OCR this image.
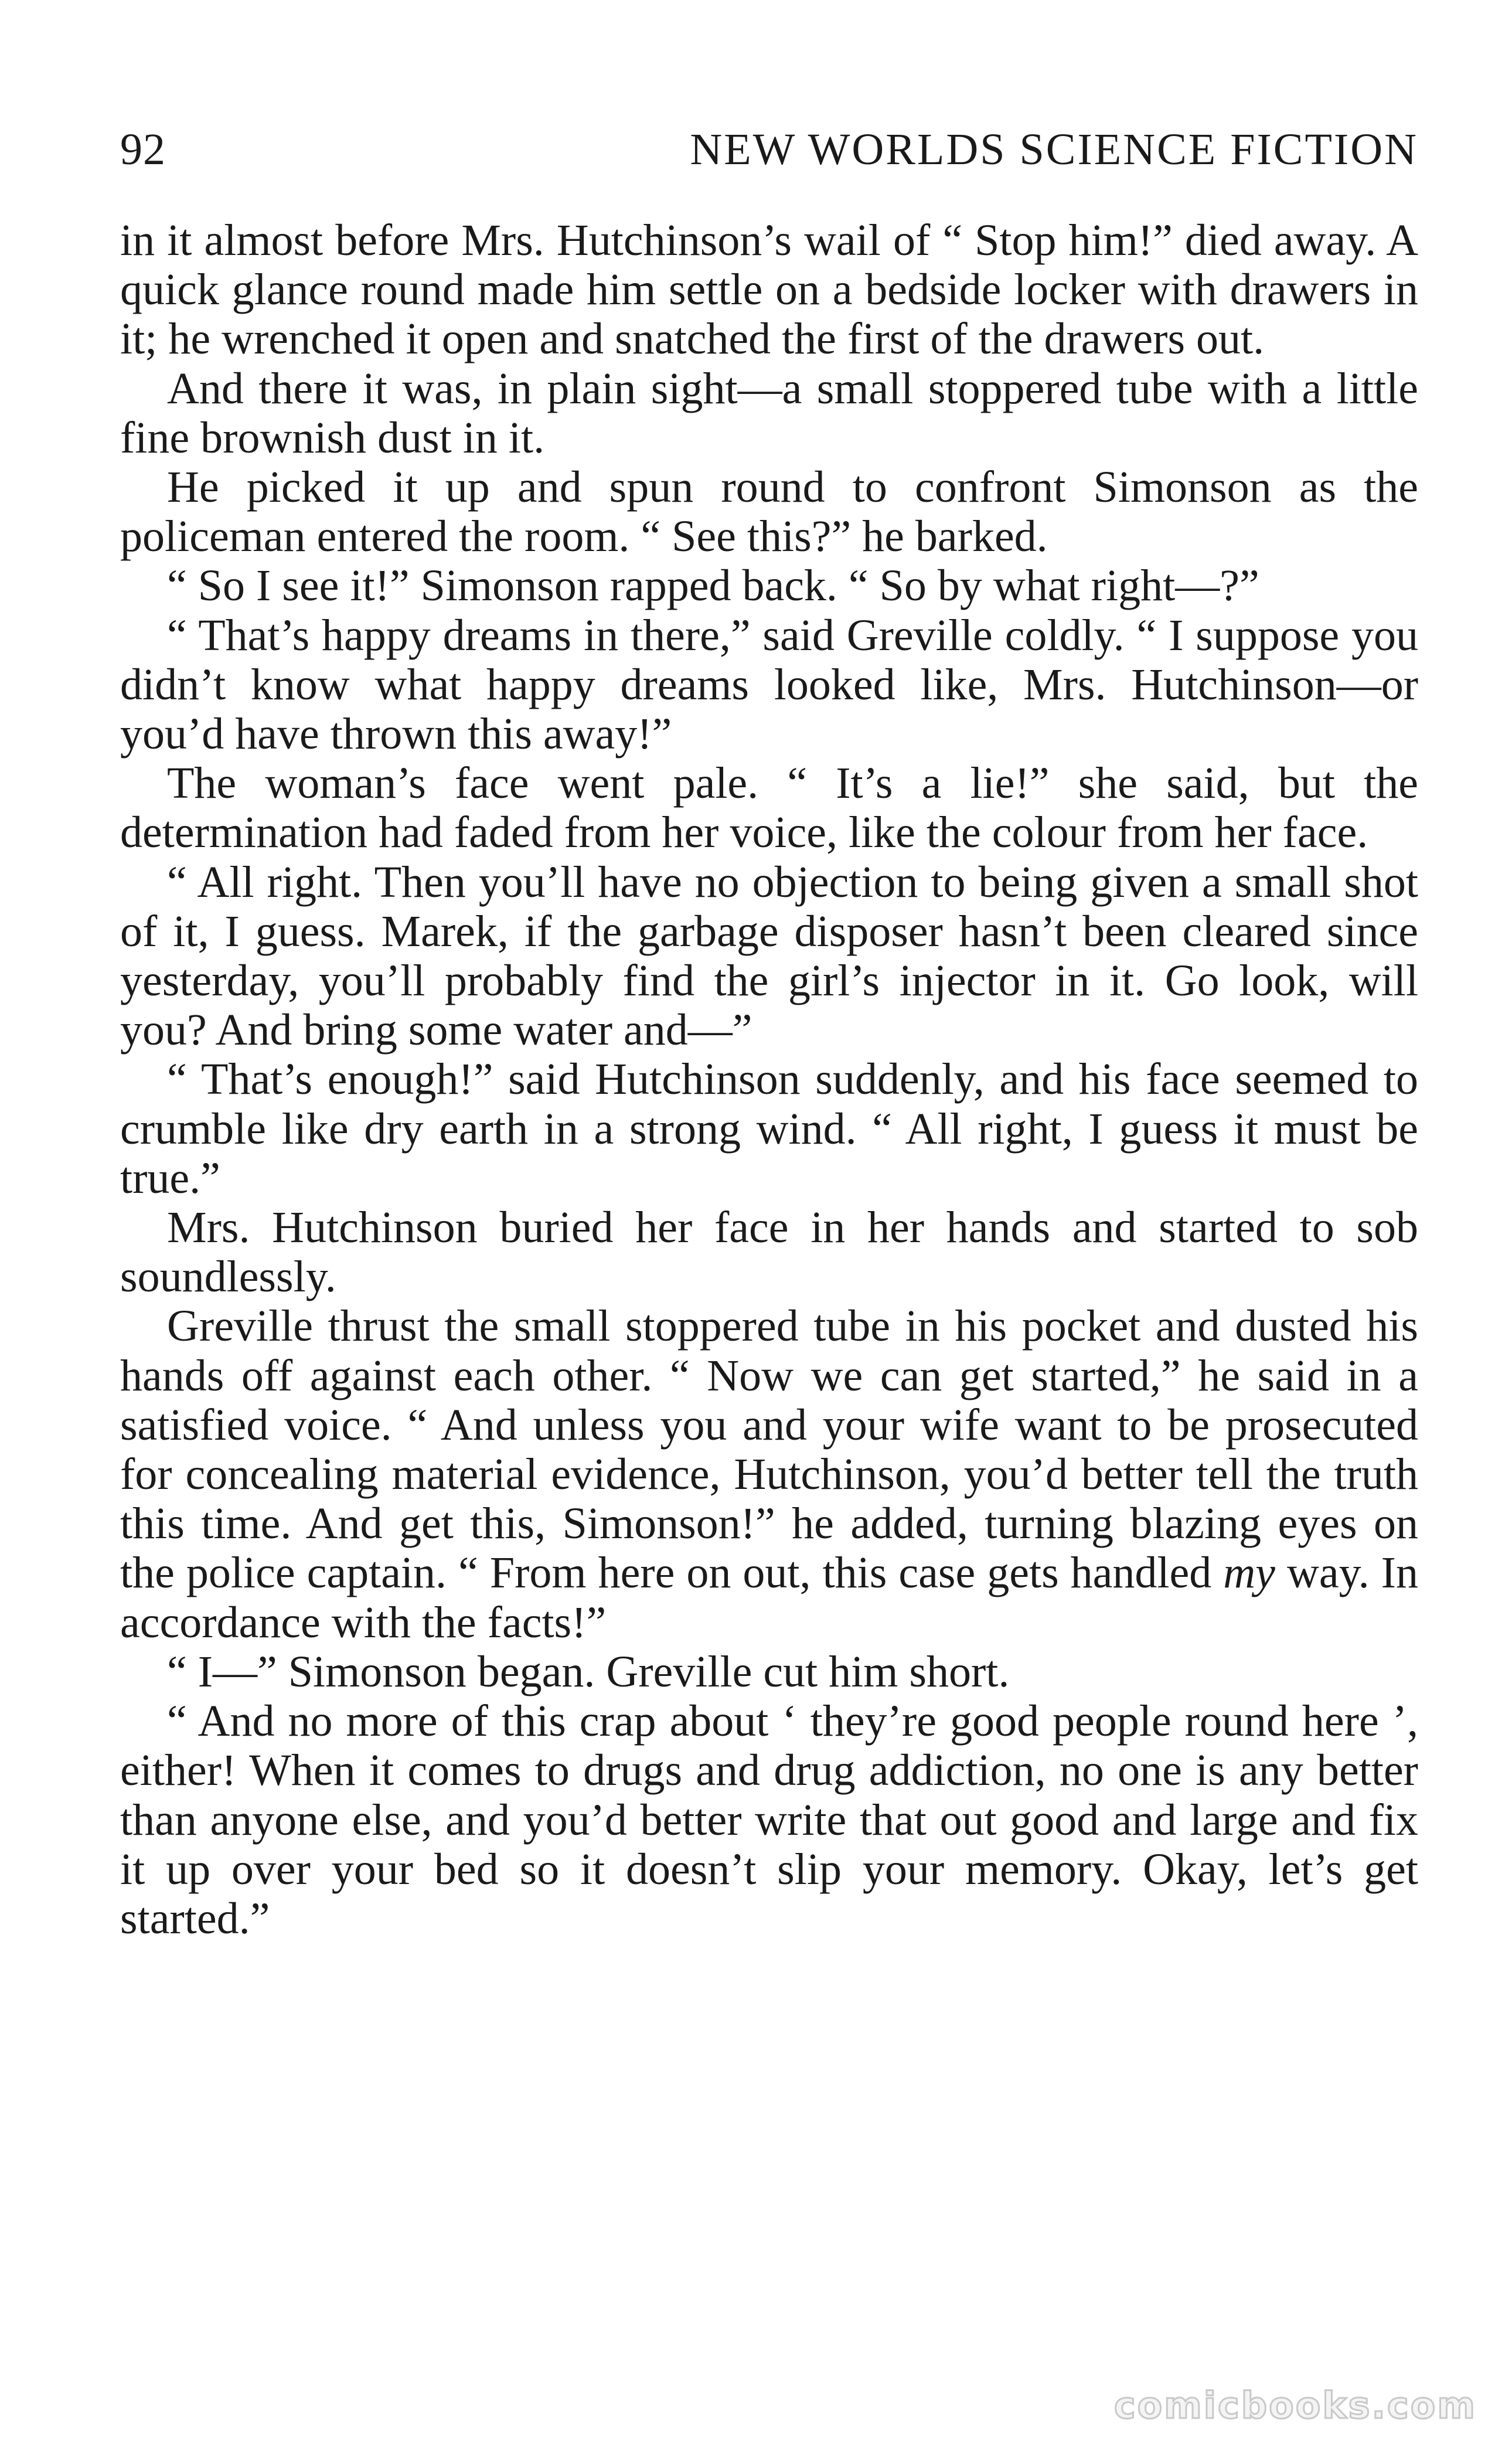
92	NEW WORLDS SCIENCE FICTION

in it almost before Mrs. Hutchinson’s wail of “ Stop him!” died away. A quick glance round made him settle on a bedside locker with drawers in it; he wrenched it open and snatched the first of the drawers out.

And there it was, in plain sight—a small stoppered tube with a little fine brownish dust in it.

He picked it up and spun round to confront Simonson as the policeman entered the room. “ See this?” he barked.

“ So I see it!” Simonson rapped back. “ So by what right—?”

“ That’s happy dreams in there,” said Greville coldly. “ I suppose you didn’t know what happy dreams looked like, Mrs. Hutchinson—or you’d have thrown this away!”

The woman’s face went pale. “ It’s a lie!” she said, but the determination had faded from her voice, like the colour from her face.

“ All right. Then you’ll have no objection to being given a small shot of it, I guess. Marek, if the garbage disposer hasn’t been cleared since yesterday, you’ll probably find the girl’s injector in it. Go look, will you? And bring some water and—”

“ That’s enough!” said Hutchinson suddenly, and his face seemed to crumble like dry earth in a strong wind. “ All right, I guess it must be true.”

Mrs. Hutchinson buried her face in her hands and started to sob soundlessly.

Greville thrust the small stoppered tube in his pocket and dusted his hands off against each other. “ Now we can get started,” he said in a satisfied voice. “ And unless you and your wife want to be prosecuted for concealing material evidence, Hutchinson, you’d better tell the truth this time. And get this, Simonson!” he added, turning blazing eyes on the police captain. “ From here on out, this case gets handled my way. In accordance with the facts!”

“ I—” Simonson began. Greville cut him short.

“ And no more of this crap about ‘ they’re good people round here ’, either! When it comes to drugs and drug addiction, no one is any better than anyone else, and you’d better write that out good and large and fix it up over your bed so it doesn’t slip your memory. Okay, let’s get started.”

comicbooks.com
